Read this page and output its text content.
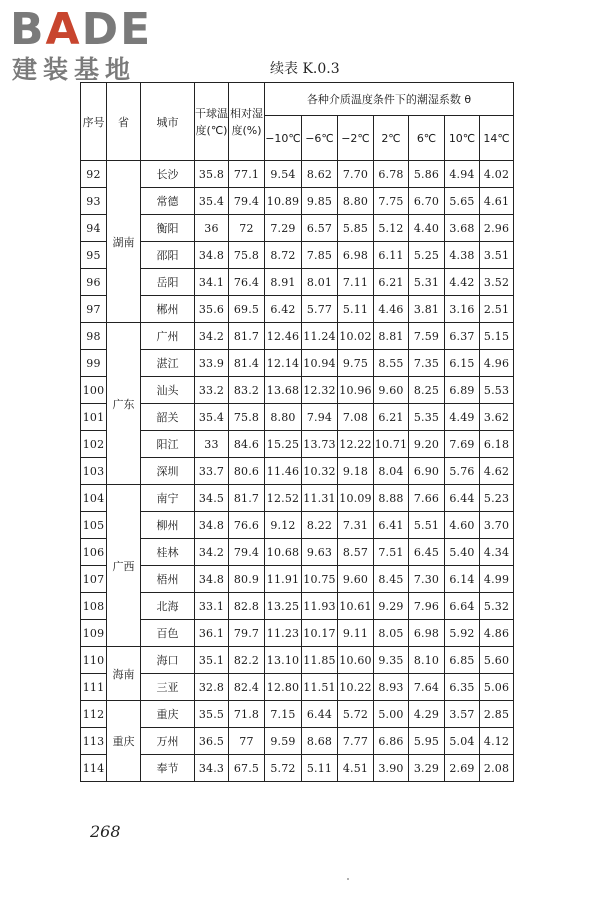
BADE
建装基地	续表 K.0.3
序号	省	城市	干球温度(℃)	相对湿度(%)	各种介质温度条件下的潮湿系数 θ						
					−10℃	−6℃	−2℃	2℃	6℃	10℃	14℃
92	湖南	长沙	35.8	77.1	9.54	8.62	7.70	6.78	5.86	4.94	4.02
93		常德	35.4	79.4	10.89	9.85	8.80	7.75	6.70	5.65	4.61
94		衡阳	36	72	7.29	6.57	5.85	5.12	4.40	3.68	2.96
95		邵阳	34.8	75.8	8.72	7.85	6.98	6.11	5.25	4.38	3.51
96		岳阳	34.1	76.4	8.91	8.01	7.11	6.21	5.31	4.42	3.52
97		郴州	35.6	69.5	6.42	5.77	5.11	4.46	3.81	3.16	2.51
98	广东	广州	34.2	81.7	12.46	11.24	10.02	8.81	7.59	6.37	5.15
99		湛江	33.9	81.4	12.14	10.94	9.75	8.55	7.35	6.15	4.96
100		汕头	33.2	83.2	13.68	12.32	10.96	9.60	8.25	6.89	5.53
101		韶关	35.4	75.8	8.80	7.94	7.08	6.21	5.35	4.49	3.62
102		阳江	33	84.6	15.25	13.73	12.22	10.71	9.20	7.69	6.18
103		深圳	33.7	80.6	11.46	10.32	9.18	8.04	6.90	5.76	4.62
104	广西	南宁	34.5	81.7	12.52	11.31	10.09	8.88	7.66	6.44	5.23
105		柳州	34.8	76.6	9.12	8.22	7.31	6.41	5.51	4.60	3.70
106		桂林	34.2	79.4	10.68	9.63	8.57	7.51	6.45	5.40	4.34
107		梧州	34.8	80.9	11.91	10.75	9.60	8.45	7.30	6.14	4.99
108		北海	33.1	82.8	13.25	11.93	10.61	9.29	7.96	6.64	5.32
109		百色	36.1	79.7	11.23	10.17	9.11	8.05	6.98	5.92	4.86
110	海南	海口	35.1	82.2	13.10	11.85	10.60	9.35	8.10	6.85	5.60
111		三亚	32.8	82.4	12.80	11.51	10.22	8.93	7.64	6.35	5.06
112	重庆	重庆	35.5	71.8	7.15	6.44	5.72	5.00	4.29	3.57	2.85
113		万州	36.5	77	9.59	8.68	7.77	6.86	5.95	5.04	4.12
114		奉节	34.3	67.5	5.72	5.11	4.51	3.90	3.29	2.69	2.08
268
